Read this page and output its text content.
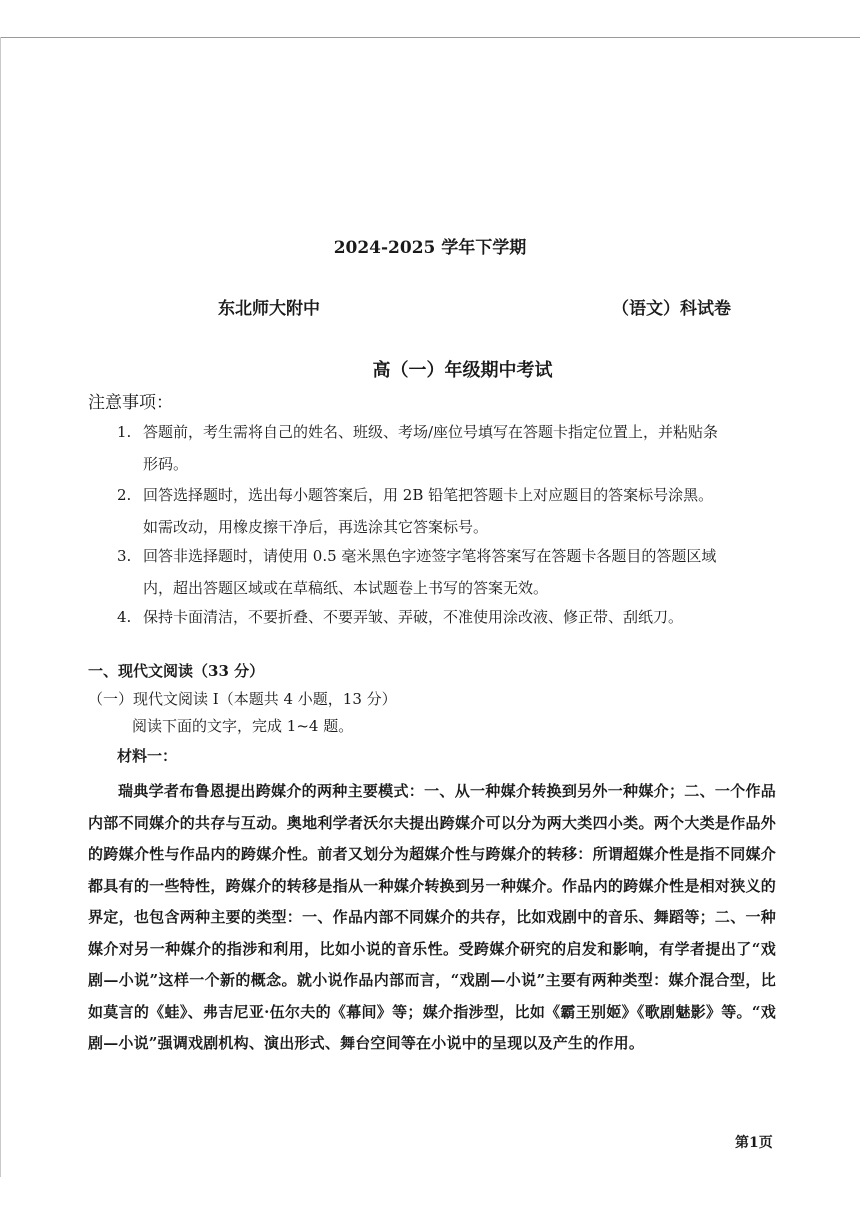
2024-2025 学年下学期
东北师大附中	（语文）科试卷
高（一）年级期中考试
注意事项：
1. 答题前，考生需将自己的姓名、班级、考场/座位号填写在答题卡指定位置上，并粘贴条
形码。
2. 回答选择题时，选出每小题答案后，用 2B 铅笔把答题卡上对应题目的答案标号涂黑。
如需改动，用橡皮擦干净后，再选涂其它答案标号。
3. 回答非选择题时，请使用 0.5 毫米黑色字迹签字笔将答案写在答题卡各题目的答题区域
内，超出答题区域或在草稿纸、本试题卷上书写的答案无效。
4. 保持卡面清洁，不要折叠、不要弄皱、弄破，不准使用涂改液、修正带、刮纸刀。
一、现代文阅读（33 分）
（一）现代文阅读 I（本题共 4 小题，13 分）
阅读下面的文字，完成 1~4 题。
材料一：
瑞典学者布鲁恩提出跨媒介的两种主要模式：一、从一种媒介转换到另外一种媒介；二、一个作品内部不同媒介的共存与互动。奥地利学者沃尔夫提出跨媒介可以分为两大类四小类。两个大类是作品外的跨媒介性与作品内的跨媒介性。前者又划分为超媒介性与跨媒介的转移：所谓超媒介性是指不同媒介都具有的一些特性，跨媒介的转移是指从一种媒介转换到另一种媒介。作品内的跨媒介性是相对狭义的界定，也包含两种主要的类型：一、作品内部不同媒介的共存，比如戏剧中的音乐、舞蹈等；二、一种媒介对另一种媒介的指涉和利用，比如小说的音乐性。受跨媒介研究的启发和影响，有学者提出了“戏剧—小说”这样一个新的概念。就小说作品内部而言，“戏剧—小说”主要有两种类型：媒介混合型，比如莫言的《蛙》、弗吉尼亚·伍尔夫的《幕间》等；媒介指涉型，比如《霸王别姬》《歌剧魅影》等。“戏剧—小说”强调戏剧机构、演出形式、舞台空间等在小说中的呈现以及产生的作用。
第1页
